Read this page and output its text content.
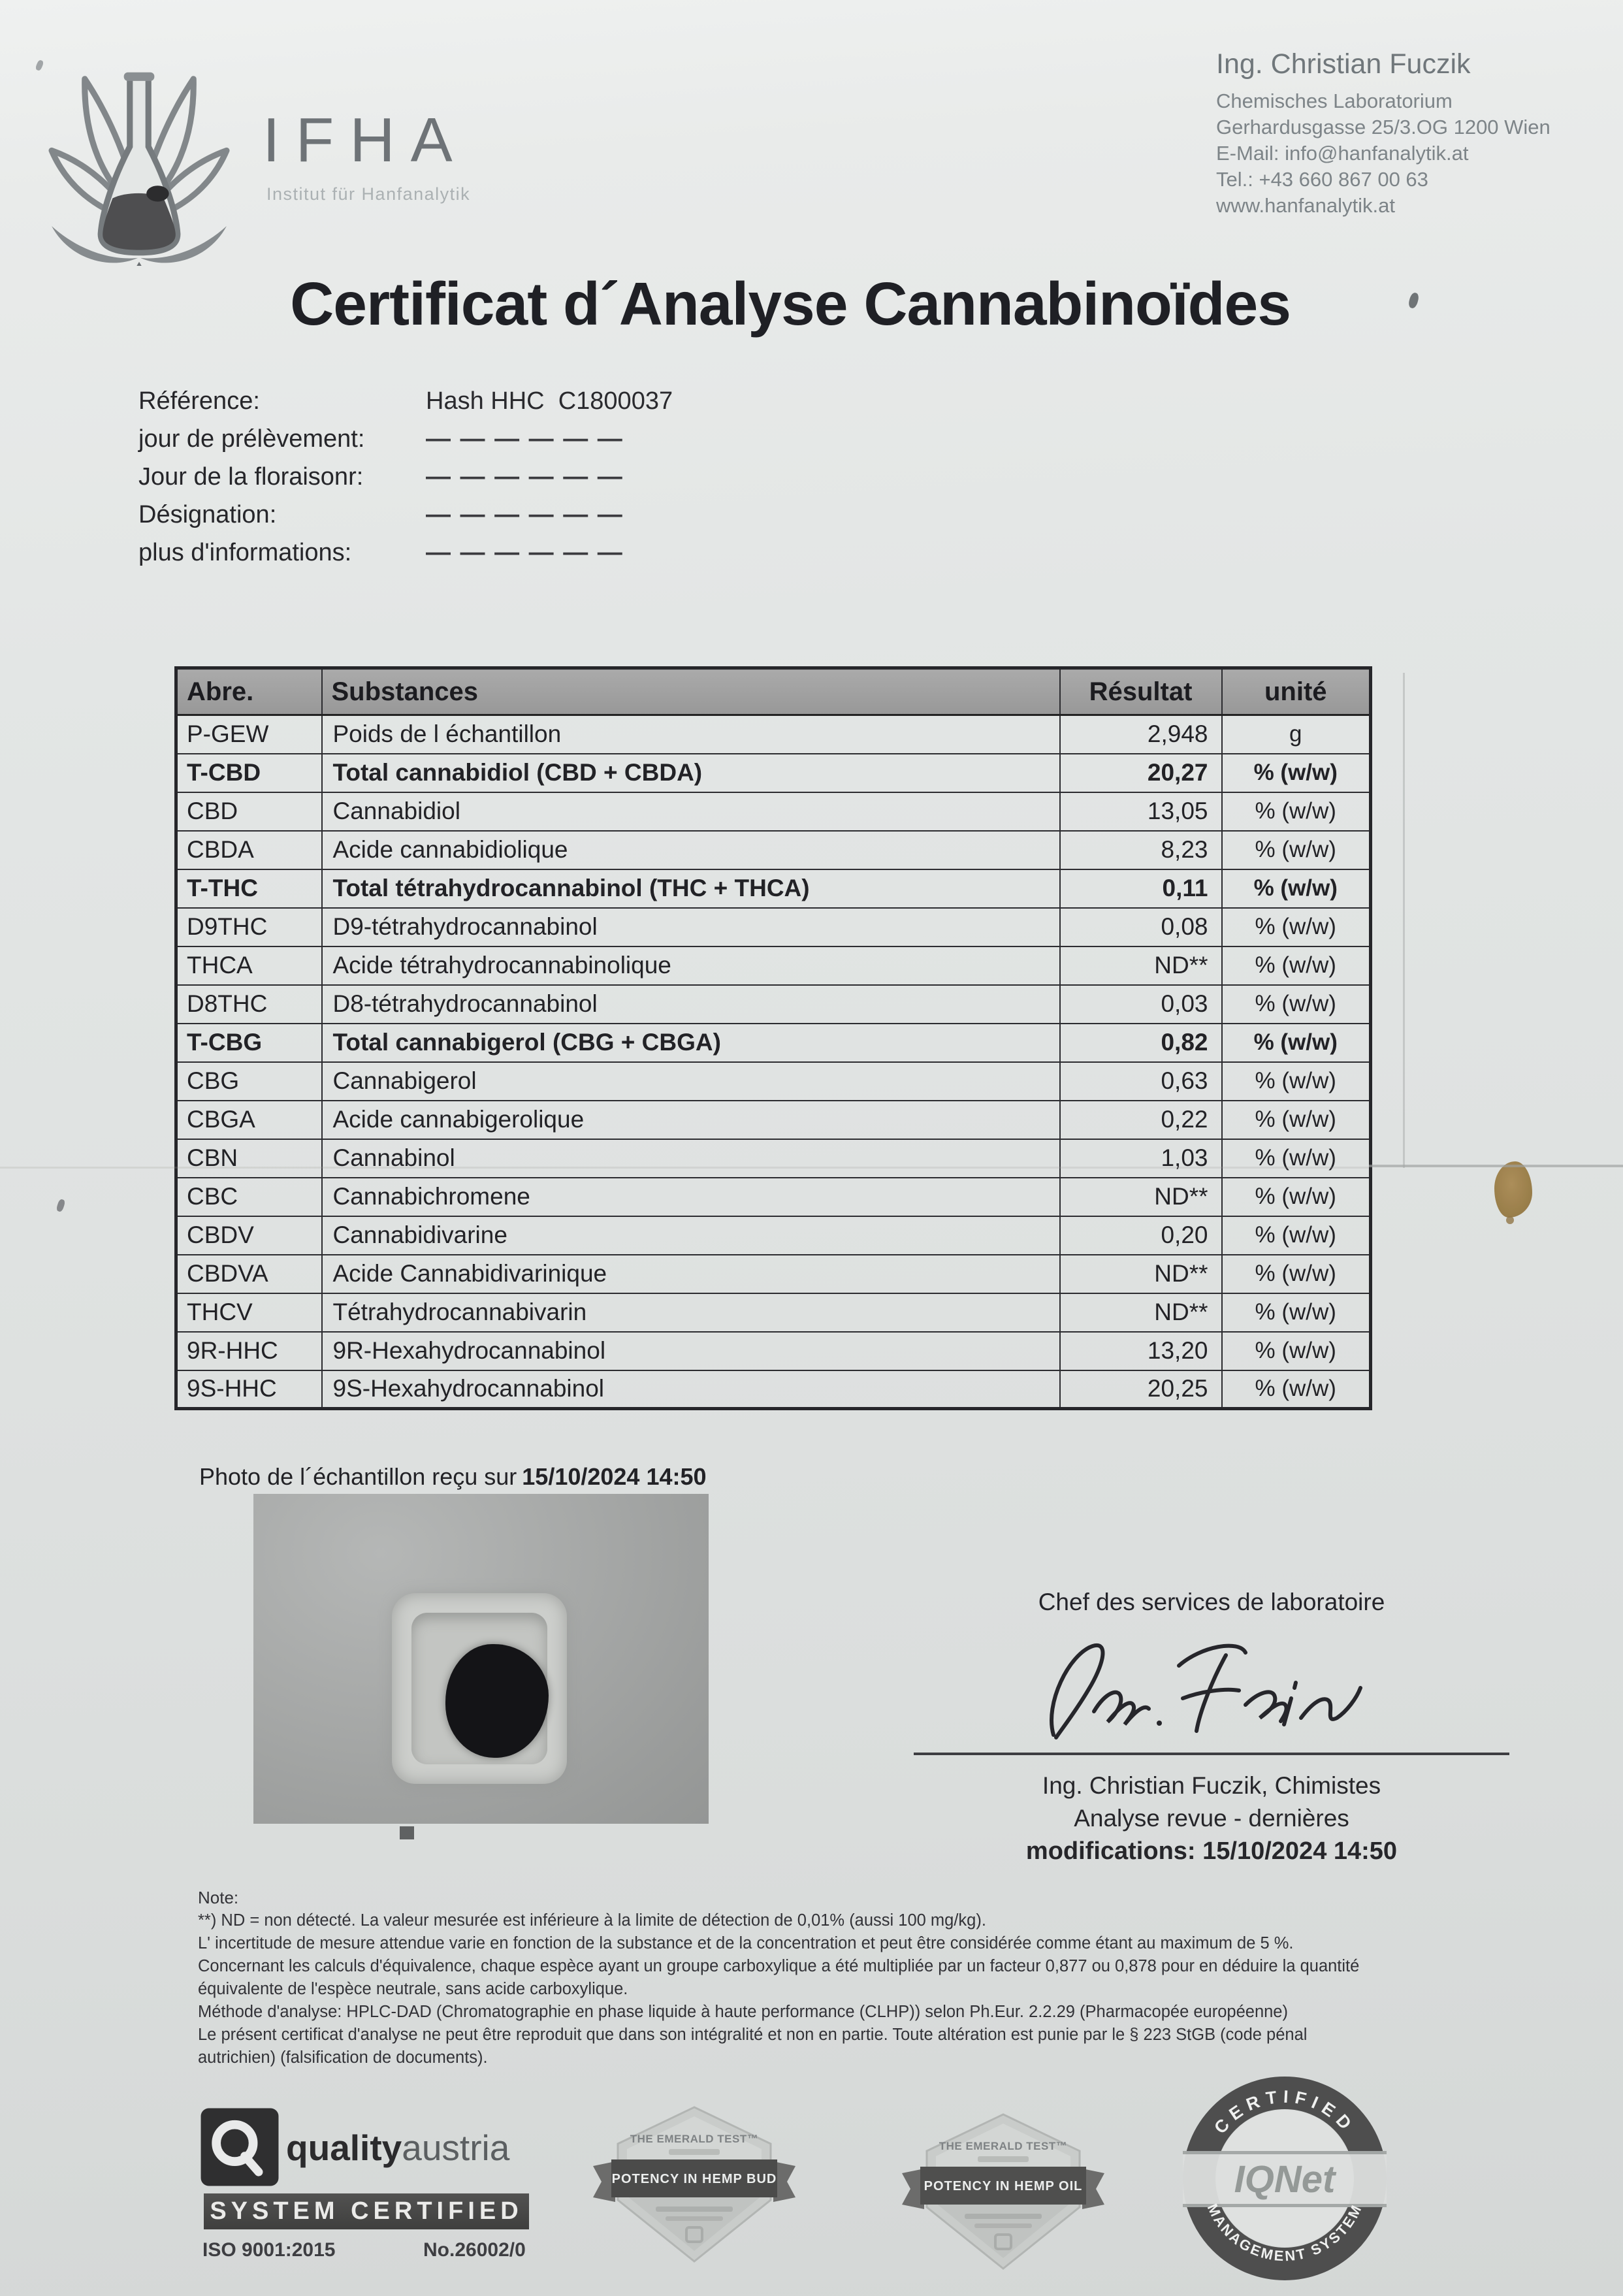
IFHA
Institut für Hanfanalytik
Ing. Christian Fuczik
Chemisches Laboratorium
Gerhardusgasse 25/3.OG 1200 Wien
E-Mail: info@hanfanalytik.at
Tel.: +43 660 867 00 63
www.hanfanalytik.at
Certificat d´Analyse Cannabinoïdes
Référence:	Hash HHC  C1800037
jour de prélèvement:	— — — — — —
Jour de la floraisonr:	— — — — — —
Désignation:	— — — — — —
plus d'informations:	— — — — — —
Abre.	Substances	Résultat	unité
P-GEW	Poids de l échantillon	2,948	g
T-CBD	Total cannabidiol (CBD + CBDA)	20,27	% (w/w)
CBD	Cannabidiol	13,05	% (w/w)
CBDA	Acide cannabidiolique	8,23	% (w/w)
T-THC	Total tétrahydrocannabinol (THC + THCA)	0,11	% (w/w)
D9THC	D9-tétrahydrocannabinol	0,08	% (w/w)
THCA	Acide tétrahydrocannabinolique	ND**	% (w/w)
D8THC	D8-tétrahydrocannabinol	0,03	% (w/w)
T-CBG	Total cannabigerol (CBG + CBGA)	0,82	% (w/w)
CBG	Cannabigerol	0,63	% (w/w)
CBGA	Acide cannabigerolique	0,22	% (w/w)
CBN	Cannabinol	1,03	% (w/w)
CBC	Cannabichromene	ND**	% (w/w)
CBDV	Cannabidivarine	0,20	% (w/w)
CBDVA	Acide Cannabidivarinique	ND**	% (w/w)
THCV	Tétrahydrocannabivarin	ND**	% (w/w)
9R-HHC	9R-Hexahydrocannabinol	13,20	% (w/w)
9S-HHC	9S-Hexahydrocannabinol	20,25	% (w/w)
Photo de l´échantillon reçu sur 15/10/2024 14:50
Chef des services de laboratoire
Ing. Christian Fuczik, Chimistes
Analyse revue - dernières
modifications: 15/10/2024 14:50
Note:
**) ND = non détecté. La valeur mesurée est inférieure à la limite de détection de 0,01% (aussi 100 mg/kg).
L' incertitude de mesure attendue varie en fonction de la substance et de la concentration et peut être considérée comme étant au maximum de 5 %.
Concernant les calculs d'équivalence, chaque espèce ayant un groupe carboxylique a été multipliée par un facteur 0,877 ou 0,878 pour en déduire la quantité
équivalente de l'espèce neutrale, sans acide carboxylique.
Méthode d'analyse: HPLC-DAD (Chromatographie en phase liquide à haute performance (CLHP)) selon Ph.Eur. 2.2.29 (Pharmacopée européenne)
Le présent certificat d'analyse ne peut être reproduit que dans son intégralité et non en partie. Toute altération est punie par le § 223 StGB (code pénal
autrichien) (falsification de documents).
qualityaustria
SYSTEM CERTIFIED
ISO 9001:2015	No.26002/0
THE EMERALD TEST™
POTENCY IN HEMP BUD
THE EMERALD TEST™
POTENCY IN HEMP OIL
CERTIFIED
MANAGEMENT SYSTEM
IQNet
